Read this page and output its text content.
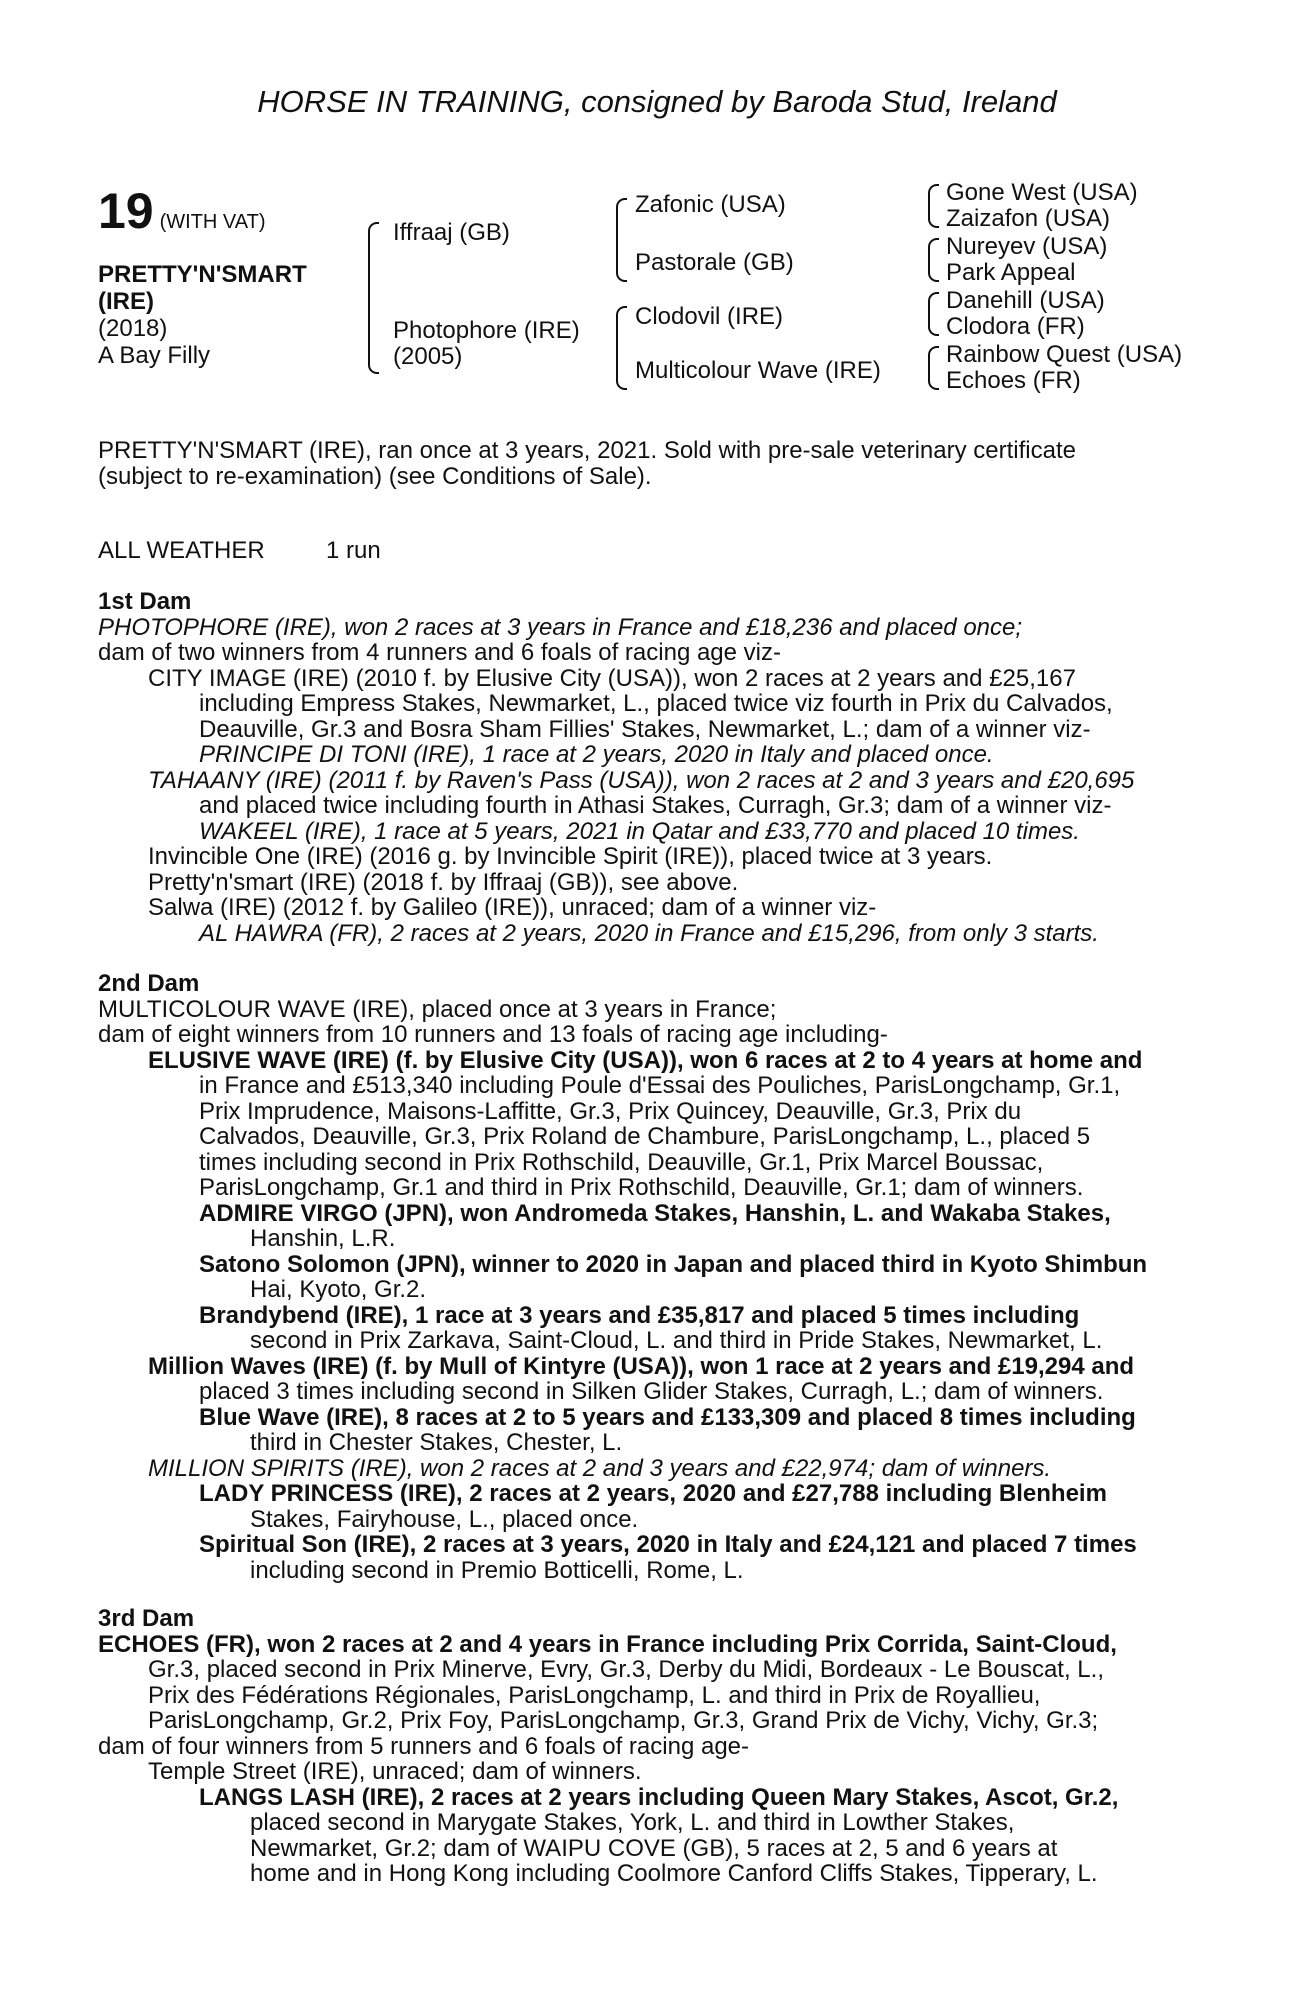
HORSE IN TRAINING, consigned by Baroda Stud, Ireland
19 (WITH VAT)
PRETTY'N'SMART
(IRE)
(2018)
A Bay Filly
Iffraaj (GB)
Photophore (IRE)
(2005)
Zafonic (USA)
Pastorale (GB)
Clodovil (IRE)
Multicolour Wave (IRE)
Gone West (USA)
Zaizafon (USA)
Nureyev (USA)
Park Appeal
Danehill (USA)
Clodora (FR)
Rainbow Quest (USA)
Echoes (FR)
PRETTY'N'SMART (IRE), ran once at 3 years, 2021. Sold with pre-sale veterinary certificate
(subject to re-examination) (see Conditions of Sale).
ALL WEATHER	1 run
1st Dam
PHOTOPHORE (IRE), won 2 races at 3 years in France and £18,236 and placed once;
dam of two winners from 4 runners and 6 foals of racing age viz-
CITY IMAGE (IRE) (2010 f. by Elusive City (USA)), won 2 races at 2 years and £25,167
including Empress Stakes, Newmarket, L., placed twice viz fourth in Prix du Calvados,
Deauville, Gr.3 and Bosra Sham Fillies' Stakes, Newmarket, L.; dam of a winner viz-
PRINCIPE DI TONI (IRE), 1 race at 2 years, 2020 in Italy and placed once.
TAHAANY (IRE) (2011 f. by Raven's Pass (USA)), won 2 races at 2 and 3 years and £20,695
and placed twice including fourth in Athasi Stakes, Curragh, Gr.3; dam of a winner viz-
WAKEEL (IRE), 1 race at 5 years, 2021 in Qatar and £33,770 and placed 10 times.
Invincible One (IRE) (2016 g. by Invincible Spirit (IRE)), placed twice at 3 years.
Pretty'n'smart (IRE) (2018 f. by Iffraaj (GB)), see above.
Salwa (IRE) (2012 f. by Galileo (IRE)), unraced; dam of a winner viz-
AL HAWRA (FR), 2 races at 2 years, 2020 in France and £15,296, from only 3 starts.
2nd Dam
MULTICOLOUR WAVE (IRE), placed once at 3 years in France;
dam of eight winners from 10 runners and 13 foals of racing age including-
ELUSIVE WAVE (IRE) (f. by Elusive City (USA)), won 6 races at 2 to 4 years at home and
in France and £513,340 including Poule d'Essai des Pouliches, ParisLongchamp, Gr.1,
Prix Imprudence, Maisons-Laffitte, Gr.3, Prix Quincey, Deauville, Gr.3, Prix du
Calvados, Deauville, Gr.3, Prix Roland de Chambure, ParisLongchamp, L., placed 5
times including second in Prix Rothschild, Deauville, Gr.1, Prix Marcel Boussac,
ParisLongchamp, Gr.1 and third in Prix Rothschild, Deauville, Gr.1; dam of winners.
ADMIRE VIRGO (JPN), won Andromeda Stakes, Hanshin, L. and Wakaba Stakes,
Hanshin, L.R.
Satono Solomon (JPN), winner to 2020 in Japan and placed third in Kyoto Shimbun
Hai, Kyoto, Gr.2.
Brandybend (IRE), 1 race at 3 years and £35,817 and placed 5 times including
second in Prix Zarkava, Saint-Cloud, L. and third in Pride Stakes, Newmarket, L.
Million Waves (IRE) (f. by Mull of Kintyre (USA)), won 1 race at 2 years and £19,294 and
placed 3 times including second in Silken Glider Stakes, Curragh, L.; dam of winners.
Blue Wave (IRE), 8 races at 2 to 5 years and £133,309 and placed 8 times including
third in Chester Stakes, Chester, L.
MILLION SPIRITS (IRE), won 2 races at 2 and 3 years and £22,974; dam of winners.
LADY PRINCESS (IRE), 2 races at 2 years, 2020 and £27,788 including Blenheim
Stakes, Fairyhouse, L., placed once.
Spiritual Son (IRE), 2 races at 3 years, 2020 in Italy and £24,121 and placed 7 times
including second in Premio Botticelli, Rome, L.
3rd Dam
ECHOES (FR), won 2 races at 2 and 4 years in France including Prix Corrida, Saint-Cloud,
Gr.3, placed second in Prix Minerve, Evry, Gr.3, Derby du Midi, Bordeaux - Le Bouscat, L.,
Prix des Fédérations Régionales, ParisLongchamp, L. and third in Prix de Royallieu,
ParisLongchamp, Gr.2, Prix Foy, ParisLongchamp, Gr.3, Grand Prix de Vichy, Vichy, Gr.3;
dam of four winners from 5 runners and 6 foals of racing age-
Temple Street (IRE), unraced; dam of winners.
LANGS LASH (IRE), 2 races at 2 years including Queen Mary Stakes, Ascot, Gr.2,
placed second in Marygate Stakes, York, L. and third in Lowther Stakes,
Newmarket, Gr.2; dam of WAIPU COVE (GB), 5 races at 2, 5 and 6 years at
home and in Hong Kong including Coolmore Canford Cliffs Stakes, Tipperary, L.
